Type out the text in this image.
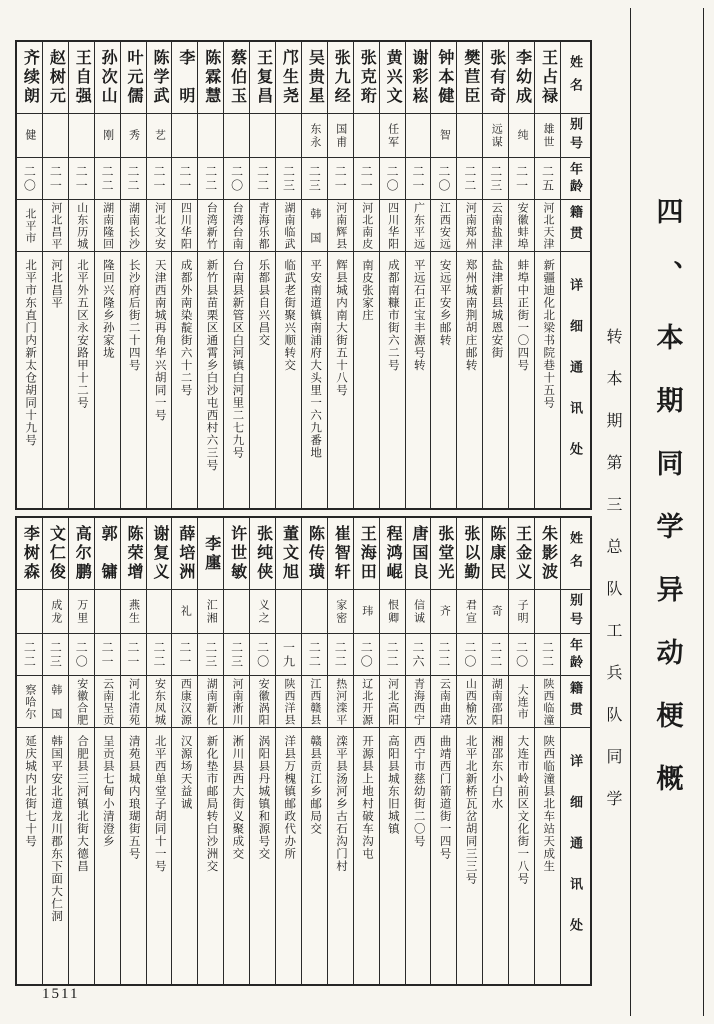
姓名
别号
年龄
籍贯
详细通讯处
王占禄
雄世
二五
河北天津
新疆迪化北梁书院巷十五号
李幼成
纯
二一
安徽蚌埠
蚌埠中正街一〇四号
张有奇
远谋
二三
云南盐津
盐津新县城恩安街
樊苣臣
二二
河南郑州
郑州城南荆胡庄邮转
钟本健
智
二〇
江西安远
安远平安乡邮转
谢彩崧
二一
广东平远
平远石正宝丰源号转
黄兴文
任军
二〇
四川华阳
成都南糠市街六二号
张克珩
二一
河北南皮
南皮张家庄
张九经
国甫
二一
河南辉县
辉县城内南大街五十八号
吴贵星
东永
二三
韩　国
平安南道镇南浦府大头里一六九番地
邝生尧
二三
湖南临武
临武老街聚兴顺转交
王复昌
二二
青海乐都
乐都县自兴昌交
蔡伯玉
二〇
台湾台南
台南县新管区白河镇白河里二七九号
陈霖慧
二二
台湾新竹
新竹县苗栗区通霄乡白沙屯西村六三号
李　明
二一
四川华阳
成都外南染靛街六十二号
陈学武
艺
二一
河北文安
天津西南城再角华兴胡同一号
叶元儒
秀
二二
湖南长沙
长沙府后街二十四号
孙次山
刚
二二
湖南隆回
隆回兴隆乡孙家垅
王自强
二一
山东历城
北平外五区永安路甲十二号
赵树元
二一
河北昌平
河北昌平
齐续朗
健
二〇
北平市
北平市东直门内新太仓胡同十九号
姓名
别号
年龄
籍贯
详细通讯处
朱影波
二二
陕西临潼
陕西临潼县北车站天成生
王金义
子明
二〇
大连市
大连市岭前区文化街一八号
陈康民
奇
二二
湖南邵阳
湘邵东小白水
张以勤
君宣
二〇
山西榆次
北平北新桥瓦岔胡同三三号
张堂光
齐
二二
云南曲靖
曲靖西门箭道街一四号
唐国良
信诚
二六
青海西宁
西宁市慈幼街二〇号
程鸿崐
恨卿
二二
河北高阳
高阳县城东旧城镇
王海田
玮
二〇
辽北开源
开源县上地村破车沟屯
崔智轩
家密
二二
热河滦平
滦平县汤河乡古石沟门村
陈传璜
二二
江西赣县
赣县贡江乡邮局交
董文旭
一九
陕西洋县
洋县万槐镇邮政代办所
张纯侠
义之
二〇
安徽涡阳
涡阳县丹城镇和源号交
许世敏
二三
河南淅川
淅川县西大街义聚成交
李廛
汇湘
二三
湖南新化
新化垫市邮局转白沙洲交
薛培洲
礼
二一
西康汉源
汉源场天益诚
谢复义
二二
安东凤城
北平西单堂子胡同十一号
陈荣增
燕生
二一
河北清苑
清苑县城内琅瑚街五号
郭　镛
二一
云南呈贡
呈贡县七甸小清澄乡
高尔鹏
万里
二〇
安徽合肥
合肥县三河镇北街大德昌
文仁俊
成龙
二三
韩　国
韩国平安北道龙川郡东下面大仁洞
李树森
二二
察哈尔
延庆城内北街七十号	转本期第三总队工兵队同学 四、本期同学异动梗概
1511
